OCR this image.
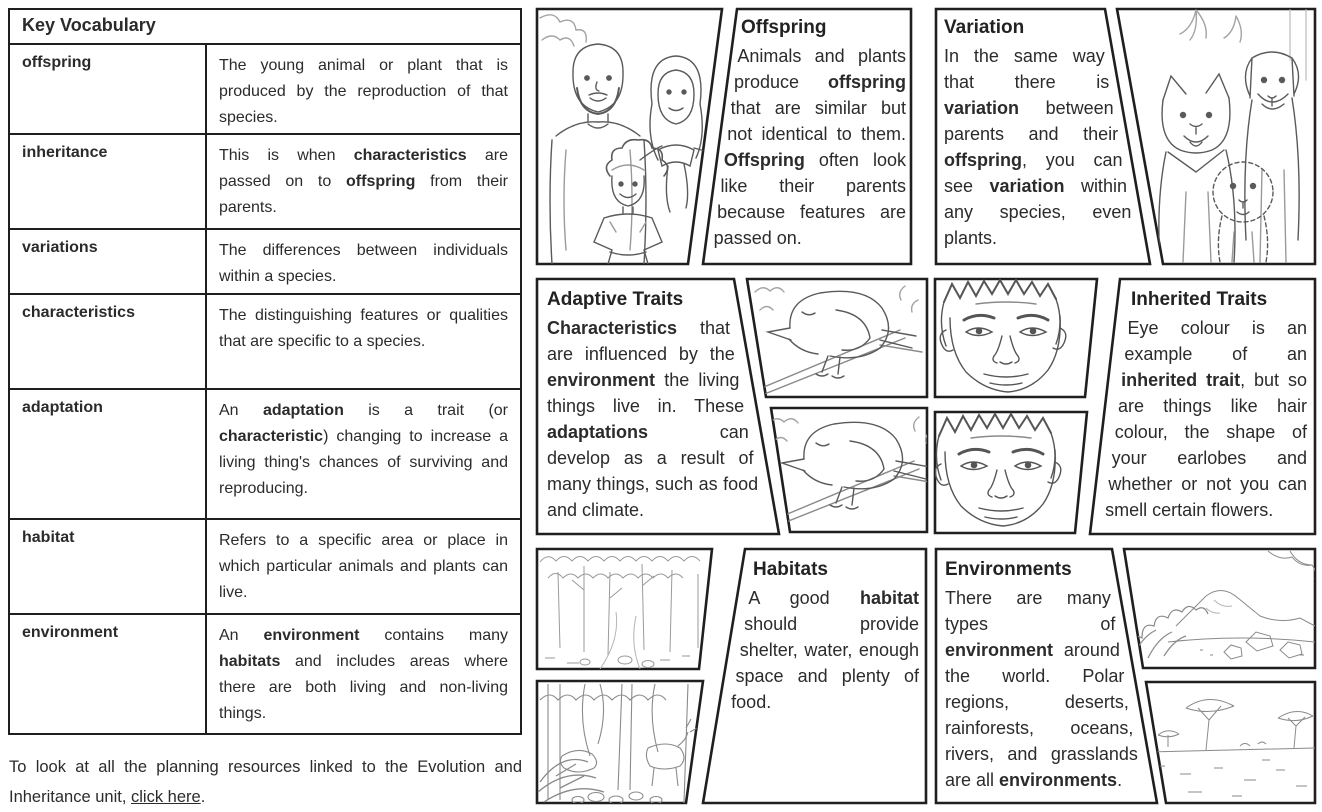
Key Vocabulary
offspring	The young animal or plant that is produced by the reproduction of that species.
inheritance	This is when characteristics are passed on to offspring from their parents.
variations	The differences between individuals within a species.
characteristics	The distinguishing features or qualities that are specific to a species.
adaptation	An adaptation is a trait (or characteristic) changing to increase a living thing's chances of surviving and reproducing.
habitat	Refers to a specific area or place in which particular animals and plants can live.
environment	An environment contains many habitats and includes areas where there are both living and non-living things.
Offspring

Animals and plants produce offspring that are similar but not identical to them. Offspring often look like their parents because features are passed on.

Variation

In the same way that there is variation between parents and their offspring, you can see variation within any species, even plants.

Adaptive Traits

Characteristics that are influenced by the environment the living things live in. These adaptations can develop as a result of many things, such as food and climate.

Inherited Traits

Eye colour is an example of an inherited trait, but so are things like hair colour, the shape of your earlobes and whether or not you can smell certain flowers.

Habitats

A good habitat should provide shelter, water, enough space and plenty of food.

Environments

There are many types of environment around the world. Polar regions, deserts, rainforests, oceans, rivers, and grasslands are all environments.

To look at all the planning resources linked to the Evolution and
Inheritance unit, click here.
